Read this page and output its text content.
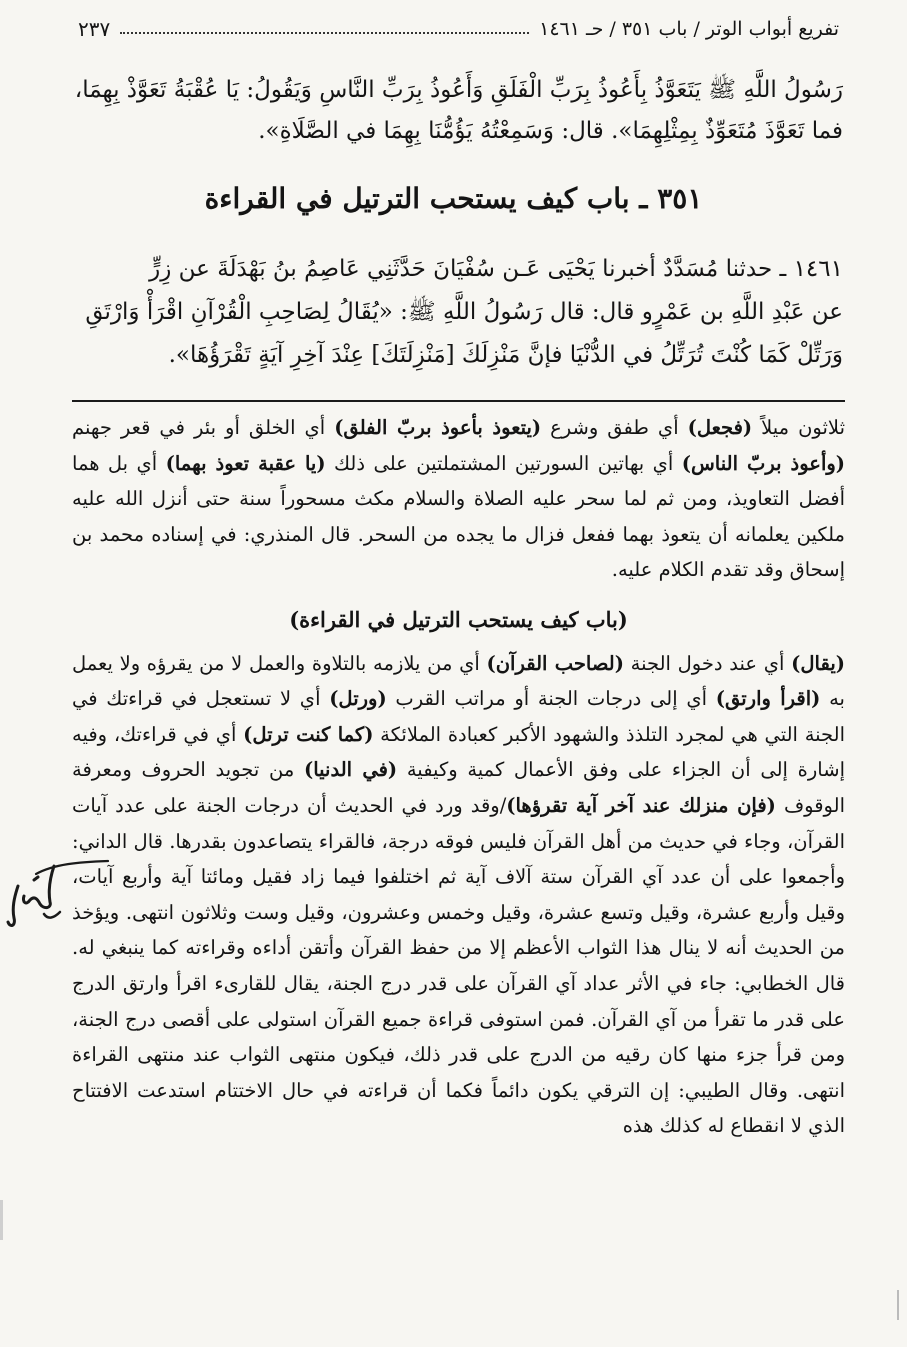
تفريع أبواب الوتر / باب ٣٥١ / حـ ١٤٦١
٢٣٧

رَسُولُ اللَّهِ ﷺ يَتَعَوَّذُ بِأَعُوذُ بِرَبِّ الْفَلَقِ وَأَعُوذُ بِرَبِّ النَّاسِ وَيَقُولُ: يَا عُقْبَةُ تَعَوَّذْ بِهِمَا،

فما تَعَوَّذَ مُتَعَوِّذٌ بِمِثْلِهِمَا». قال: وَسَمِعْتُهُ يَؤُمُّنَا بِهِمَا في الصَّلَاةِ».

٣٥١ ـ باب كيف يستحب الترتيل في القراءة

١٤٦١ ـ حدثنا مُسَدَّدٌ أخبرنا يَحْيَى عَـن سُفْيَانَ حَدَّثَنِي عَاصِمُ بنُ بَهْدَلَةَ عن زِرٍّ

عن عَبْدِ اللَّهِ بن عَمْرٍو قال: قال رَسُولُ اللَّهِ ﷺ: «يُقَالُ لِصَاحِبِ الْقُرْآنِ اقْرَأْ وَارْتَقِ

وَرَتِّلْ كَمَا كُنْتَ تُرَتِّلُ في الدُّنْيَا فإنَّ مَنْزِلَكَ [مَنْزِلَتَكَ] عِنْدَ آخِرِ آيَةٍ تَقْرَؤُهَا».

ثلاثون ميلاً (فجعل) أي طفق وشرع (يتعوذ بأعوذ بربّ الفلق) أي الخلق أو بئر في قعر جهنم (وأعوذ بربّ الناس) أي بهاتين السورتين المشتملتين على ذلك (يا عقبة تعوذ بهما) أي بل هما أفضل التعاويذ، ومن ثم لما سحر عليه الصلاة والسلام مكث مسحوراً سنة حتى أنزل الله عليه ملكين يعلمانه أن يتعوذ بهما ففعل فزال ما يجده من السحر. قال المنذري: في إسناده محمد بن إسحاق وقد تقدم الكلام عليه.

(باب كيف يستحب الترتيل في القراءة)

(يقال) أي عند دخول الجنة (لصاحب القرآن) أي من يلازمه بالتلاوة والعمل لا من يقرؤه ولا يعمل به (اقرأ وارتق) أي إلى درجات الجنة أو مراتب القرب (ورتل) أي لا تستعجل في قراءتك في الجنة التي هي لمجرد التلذذ والشهود الأكبر كعبادة الملائكة (كما كنت ترتل) أي في قراءتك، وفيه إشارة إلى أن الجزاء على وفق الأعمال كمية وكيفية (في الدنيا) من تجويد الحروف ومعرفة الوقوف (فإن منزلك عند آخر آية تقرؤها)/وقد ورد في الحديث أن درجات الجنة على عدد آيات القرآن، وجاء في حديث من أهل القرآن فليس فوقه درجة، فالقراء يتصاعدون بقدرها. قال الداني: وأجمعوا على أن عدد آي القرآن ستة آلاف آية ثم اختلفوا فيما زاد فقيل ومائتا آية وأربع آيات، وقيل وأربع عشرة، وقيل وتسع عشرة، وقيل وخمس وعشرون، وقيل وست وثلاثون انتهى. ويؤخذ من الحديث أنه لا ينال هذا الثواب الأعظم إلا من حفظ القرآن وأتقن أداءه وقراءته كما ينبغي له. قال الخطابي: جاء في الأثر عداد آي القرآن على قدر درج الجنة، يقال للقارىء اقرأ وارتق الدرج على قدر ما تقرأ من آي القرآن. فمن استوفى قراءة جميع القرآن استولى على أقصى درج الجنة، ومن قرأ جزء منها كان رقيه من الدرج على قدر ذلك، فيكون منتهى الثواب عند منتهى القراءة انتهى. وقال الطيبي: إن الترقي يكون دائماً فكما أن قراءته في حال الاختتام استدعت الافتتاح الذي لا انقطاع له كذلك هذه
